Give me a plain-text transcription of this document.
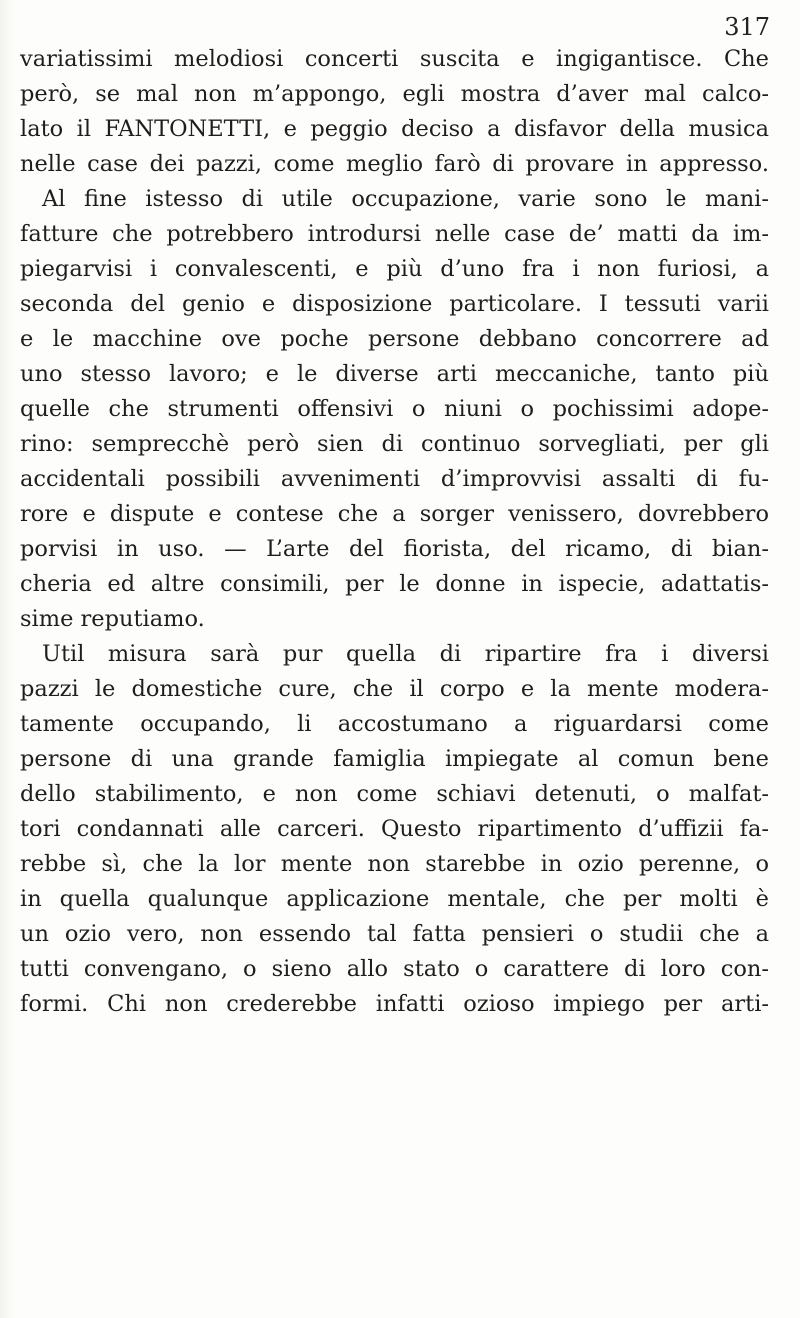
317
variatissimi melodiosi concerti suscita e ingigantisce. Che
però, se mal non m’appongo, egli mostra d’aver mal calco-
lato il FANTONETTI, e peggio deciso a disfavor della musica
nelle case dei pazzi, come meglio farò di provare in appresso.
Al fine istesso di utile occupazione, varie sono le mani-
fatture che potrebbero introdursi nelle case de’ matti da im-
piegarvisi i convalescenti, e più d’uno fra i non furiosi, a
seconda del genio e disposizione particolare. I tessuti varii
e le macchine ove poche persone debbano concorrere ad
uno stesso lavoro; e le diverse arti meccaniche, tanto più
quelle che strumenti offensivi o niuni o pochissimi adope-
rino: semprecchè però sien di continuo sorvegliati, per gli
accidentali possibili avvenimenti d’improvvisi assalti di fu-
rore e dispute e contese che a sorger venissero, dovrebbero
porvisi in uso. — L’arte del fiorista, del ricamo, di bian-
cheria ed altre consimili, per le donne in ispecie, adattatis-
sime reputiamo.
Util misura sarà pur quella di ripartire fra i diversi
pazzi le domestiche cure, che il corpo e la mente modera-
tamente occupando, li accostumano a riguardarsi come
persone di una grande famiglia impiegate al comun bene
dello stabilimento, e non come schiavi detenuti, o malfat-
tori condannati alle carceri. Questo ripartimento d’uffizii fa-
rebbe sì, che la lor mente non starebbe in ozio perenne, o
in quella qualunque applicazione mentale, che per molti è
un ozio vero, non essendo tal fatta pensieri o studii che a
tutti convengano, o sieno allo stato o carattere di loro con-
formi. Chi non crederebbe infatti ozioso impiego per arti-
